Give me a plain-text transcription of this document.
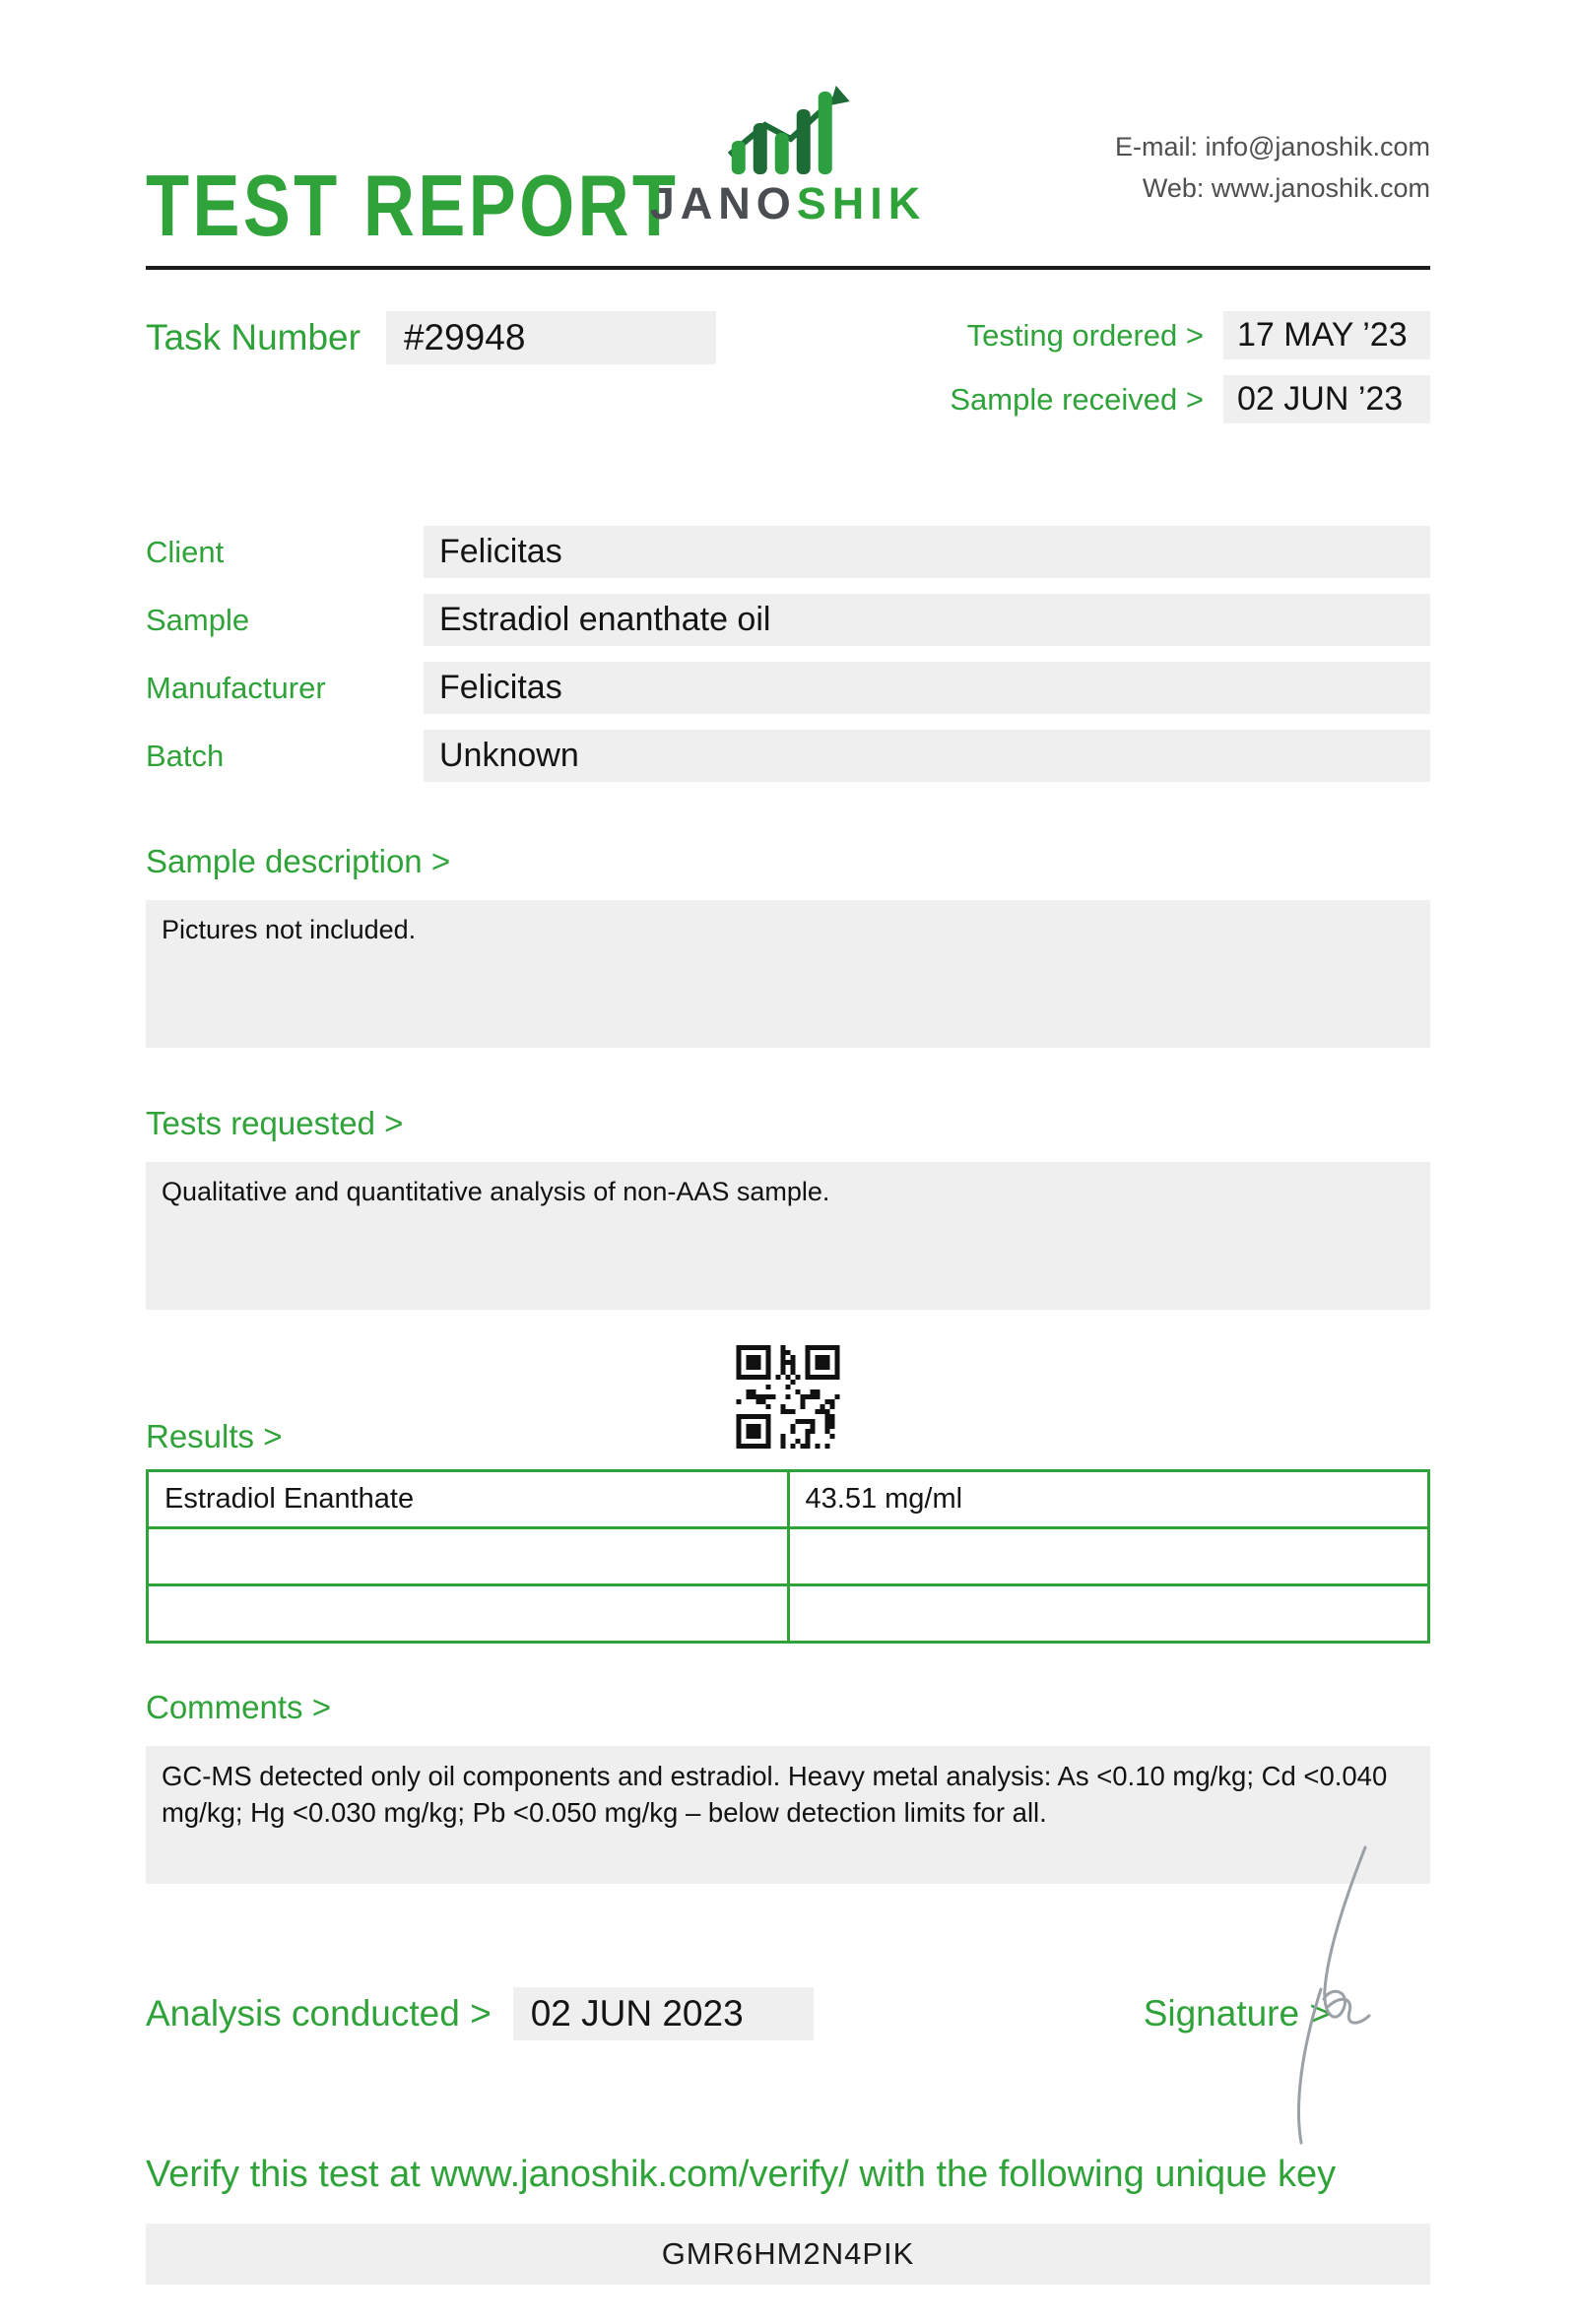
TEST REPORT
JANOSHIK
E-mail: info@janoshik.com
Web: www.janoshik.com
Task Number	#29948	Testing ordered >	17 MAY ’23
Sample received >	02 JUN ’23
Client	Felicitas
Sample	Estradiol enanthate oil
Manufacturer	Felicitas
Batch	Unknown
Sample description >
Pictures not included.
Tests requested >
Qualitative and quantitative analysis of non-AAS sample.
Results >
Estradiol Enanthate	43.51 mg/ml

Comments >
GC-MS detected only oil components and estradiol. Heavy metal analysis: As <0.10 mg/kg; Cd <0.040 mg/kg; Hg <0.030 mg/kg; Pb <0.050 mg/kg – below detection limits for all.
Analysis conducted >	02 JUN 2023	Signature >
Verify this test at www.janoshik.com/verify/ with the following unique key
GMR6HM2N4PIK
